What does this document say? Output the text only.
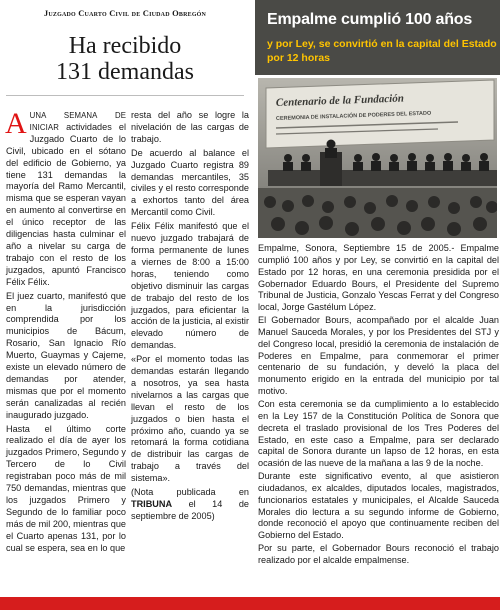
Juzgado Cuarto Civil de Ciudad Obregón
Ha recibido
131 demandas

AUNA SEMANA DE INICIAR actividades el Juzgado Cuarto de lo Civil, ubicado en el sótano del edificio de Gobierno, ya tiene 131 demandas la mayoría del Ramo Mercantil, misma que se esperan vayan en aumento al convertirse en el único receptor de las diligencias hasta culminar el año a nivelar su carga de trabajo con el resto de los juzgados, apuntó Francisco Félix Félix.

El juez cuarto, manifestó que en la jurisdicción comprendida por los municipios de Bácum, Rosario, San Ignacio Río Muerto, Guaymas y Cajeme, existe un elevado número de demandas por atender, mismas que por el momento serán canalizadas al recién inaugurado juzgado.

Hasta el último corte realizado el día de ayer los juzgados Primero, Segundo y Tercero de lo Civil registraban poco más de mil 750 demandas, mientras que los juzgados Primero y Segundo de lo familiar poco más de mil 200, mientras que el Cuarto apenas 131, por lo cual se espera, sea en lo que

resta del año se logre la nivelación de las cargas de trabajo.

De acuerdo al balance el Juzgado Cuarto registra 89 demandas mercantiles, 35 civiles y el resto corresponde a exhortos tanto del área Mercantil como Civil.

Félix Félix manifestó que el nuevo juzgado trabajará de forma permanente de lunes a viernes de 8:00 a 15:00 horas, teniendo como objetivo disminuir las cargas de trabajo del resto de los juzgados, para eficientar la acción de la justicia, al existir elevado número de demandas.

«Por el momento todas las demandas estarán llegando a nosotros, ya sea hasta nivelarnos a las cargas que llevan el resto de los juzgados o bien hasta el próximo año, cuando ya se retomará la forma cotidiana de distribuir las cargas de trabajo a través del sistema».

(Nota publicada en TRIBUNA el 14 de septiembre de 2005)

Empalme cumplió 100 años
y por Ley, se convirtió en la capital del Estado por 12 horas
Centenario de la Fundación
CEREMONIA DE INSTALACIÓN DE PODERES DEL ESTADO

Empalme, Sonora, Septiembre 15 de 2005.- Empalme cumplió 100 años y por Ley, se convirtió en la capital del Estado por 12 horas, en una ceremonia presidida por el Gobernador Eduardo Bours, el Presidente del Supremo Tribunal de Justicia, Gonzalo Yescas Ferrat y del Congreso local, Jorge Gastélum López.

El Gobernador Bours, acompañado por el alcalde Juan Manuel Sauceda Morales, y por los Presidentes del STJ y del Congreso local, presidió la ceremonia de instalación de Poderes en Empalme, para conmemorar el primer centenario de su fundación, y develó la placa del monumento erigido en la entrada del municipio por tal motivo.

Con esta ceremonia se da cumplimiento a lo establecido en la Ley 157 de la Constitución Política de Sonora que decreta el traslado provisional de los Tres Poderes del Estado, en este caso a Empalme, para ser declarado capital de Sonora durante un lapso de 12 horas, en esta ocasión de las nueve de la mañana a las 9 de la noche.

Durante este significativo evento, al que asistieron ciudadanos, ex alcaldes, diputados locales, magistrados, funcionarios estatales y municipales, el Alcalde Sauceda Morales dio lectura a su segundo informe de Gobierno, donde reconoció el apoyo que continuamente reciben del Gobierno del Estado.

Por su parte, el Gobernador Bours reconoció el trabajo realizado por el alcalde empalmense.
